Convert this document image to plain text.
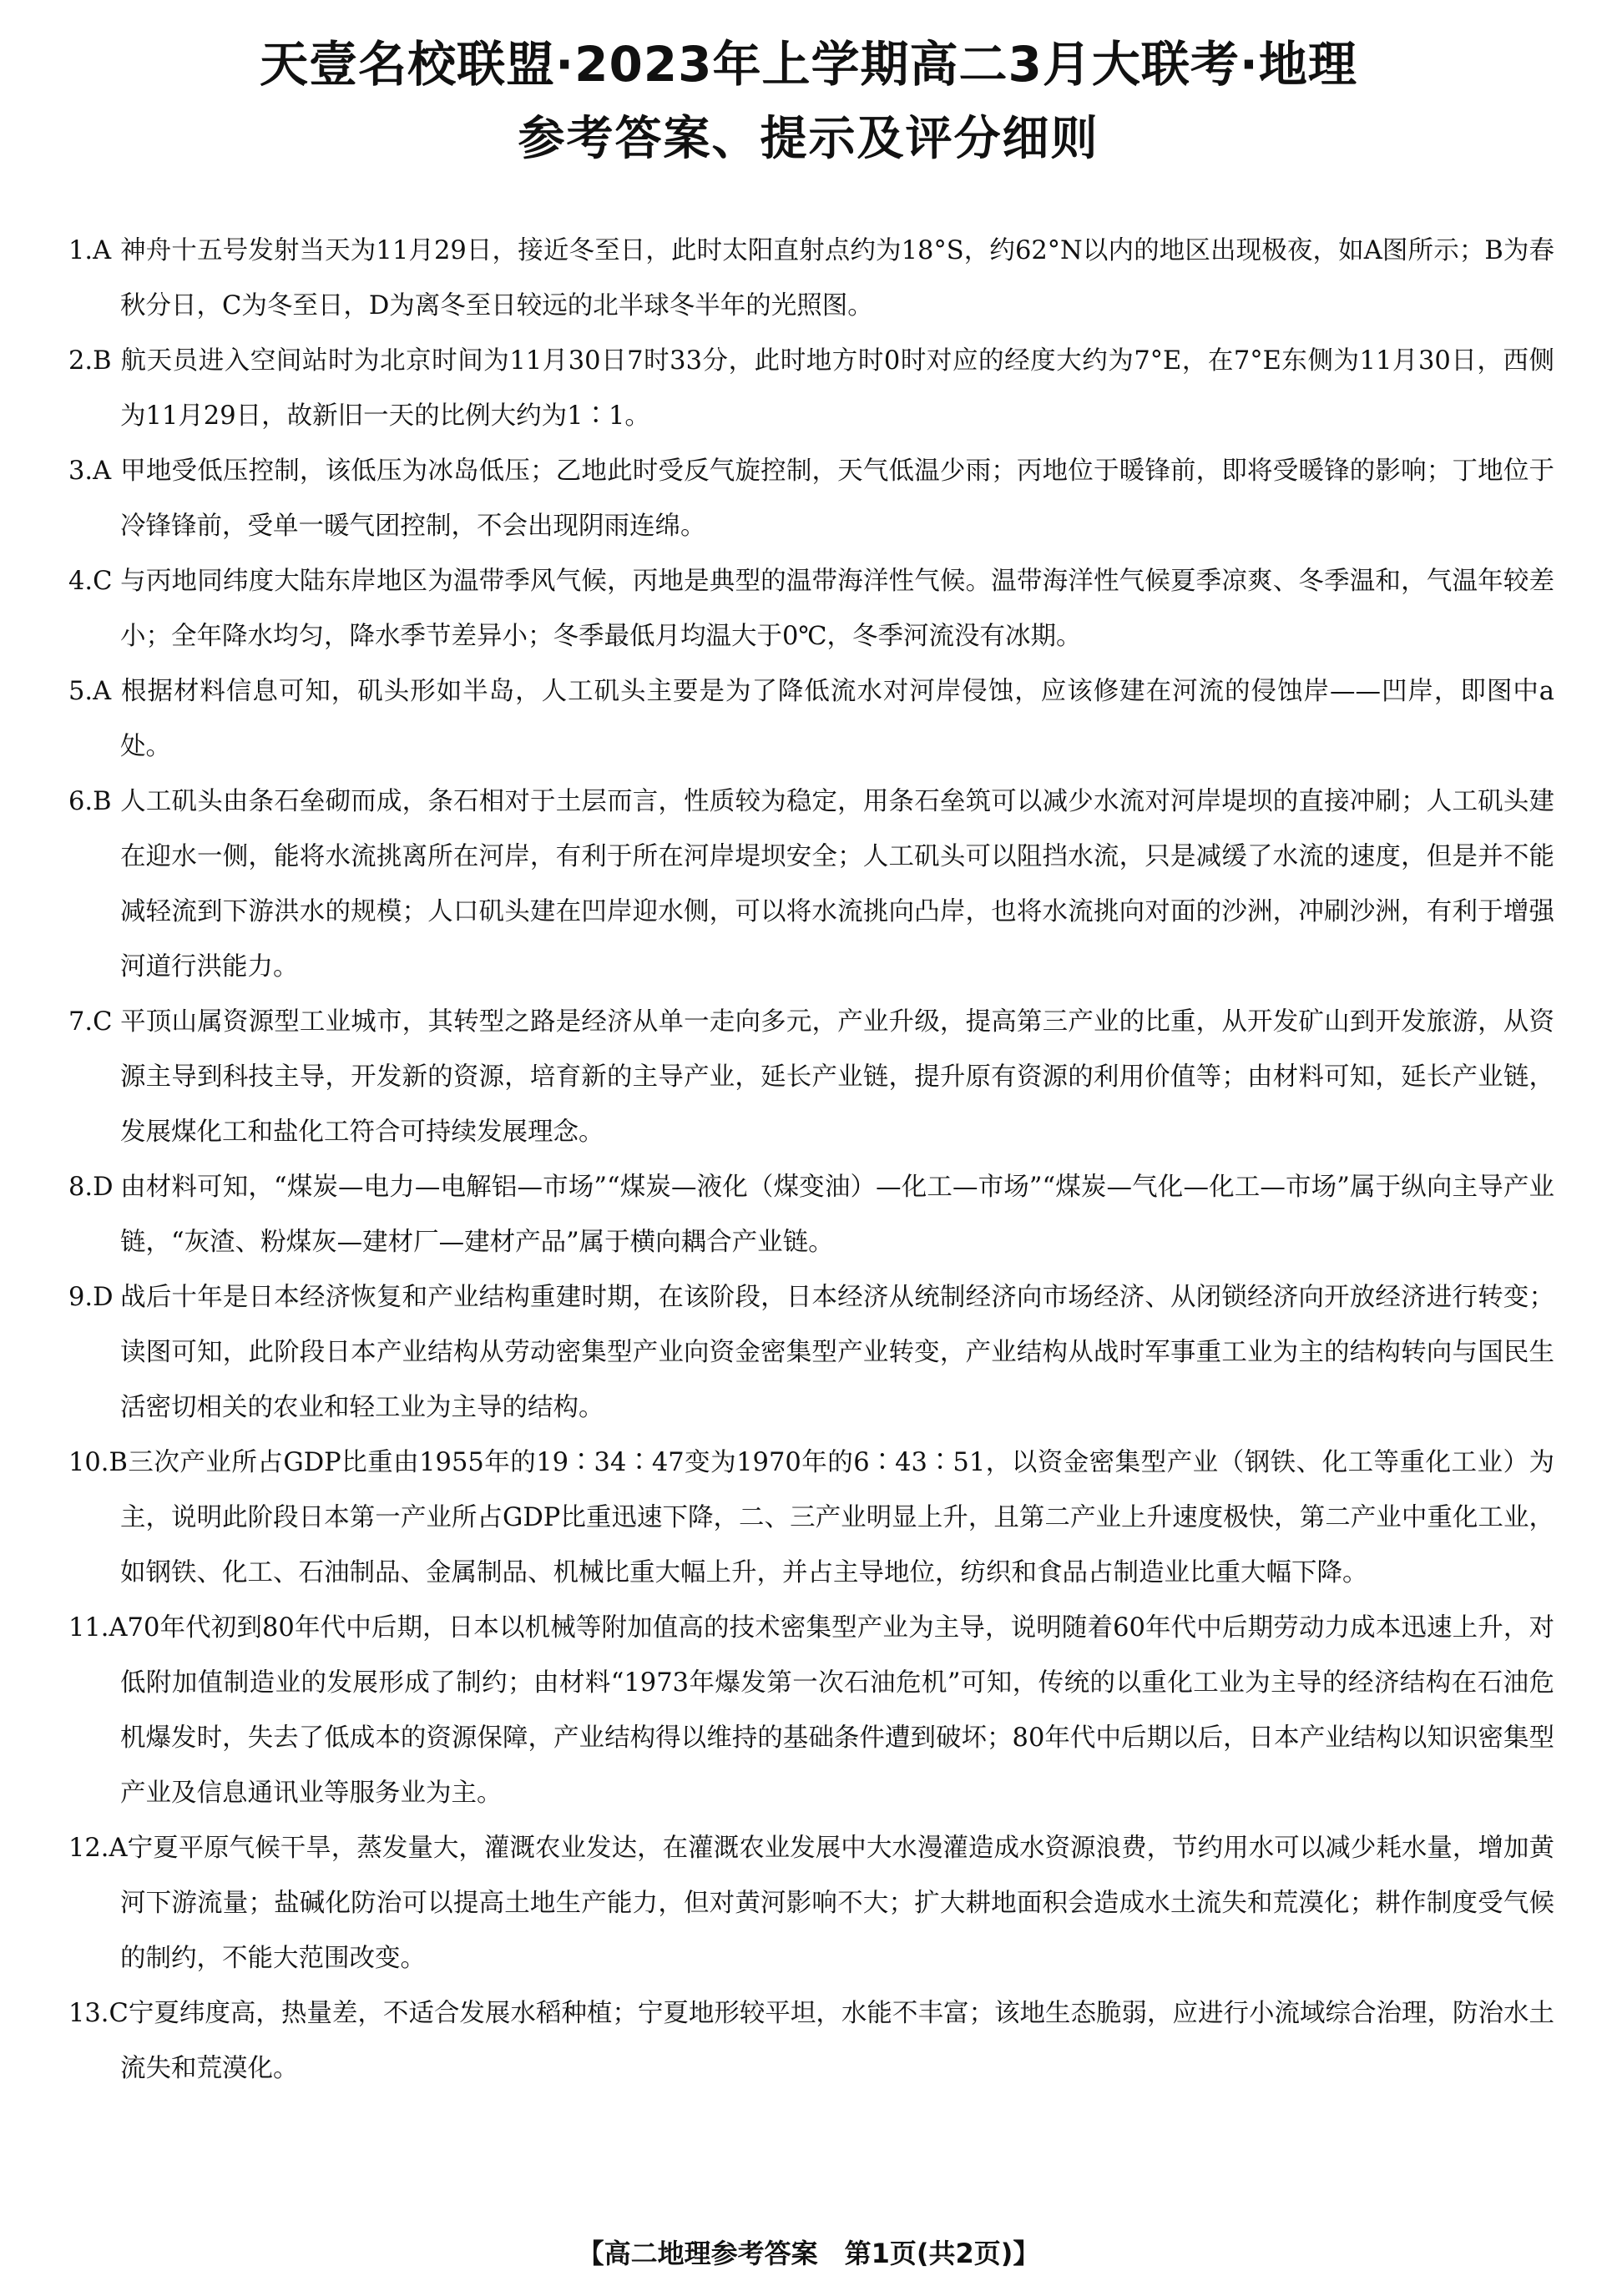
天壹名校联盟·2023年上学期高二3月大联考·地理
参考答案、提示及评分细则

1.A 神舟十五号发射当天为11月29日，接近冬至日，此时太阳直射点约为18°S，约62°N以内的地区出现极夜，如A图所示；B为春秋分日，C为冬至日，D为离冬至日较远的北半球冬半年的光照图。

2.B 航天员进入空间站时为北京时间为11月30日7时33分，此时地方时0时对应的经度大约为7°E，在7°E东侧为11月30日，西侧为11月29日，故新旧一天的比例大约为1∶1。

3.A 甲地受低压控制，该低压为冰岛低压；乙地此时受反气旋控制，天气低温少雨；丙地位于暖锋前，即将受暖锋的影响；丁地位于冷锋锋前，受单一暖气团控制，不会出现阴雨连绵。

4.C 与丙地同纬度大陆东岸地区为温带季风气候，丙地是典型的温带海洋性气候。温带海洋性气候夏季凉爽、冬季温和，气温年较差小；全年降水均匀，降水季节差异小；冬季最低月均温大于0℃，冬季河流没有冰期。

5.A 根据材料信息可知，矶头形如半岛，人工矶头主要是为了降低流水对河岸侵蚀，应该修建在河流的侵蚀岸——凹岸，即图中a处。

6.B 人工矶头由条石垒砌而成，条石相对于土层而言，性质较为稳定，用条石垒筑可以减少水流对河岸堤坝的直接冲刷；人工矶头建在迎水一侧，能将水流挑离所在河岸，有利于所在河岸堤坝安全；人工矶头可以阻挡水流，只是减缓了水流的速度，但是并不能减轻流到下游洪水的规模；人口矶头建在凹岸迎水侧，可以将水流挑向凸岸，也将水流挑向对面的沙洲，冲刷沙洲，有利于增强河道行洪能力。

7.C 平顶山属资源型工业城市，其转型之路是经济从单一走向多元，产业升级，提高第三产业的比重，从开发矿山到开发旅游，从资源主导到科技主导，开发新的资源，培育新的主导产业，延长产业链，提升原有资源的利用价值等；由材料可知，延长产业链，发展煤化工和盐化工符合可持续发展理念。

8.D 由材料可知，“煤炭—电力—电解铝—市场”“煤炭—液化（煤变油）—化工—市场”“煤炭—气化—化工—市场”属于纵向主导产业链，“灰渣、粉煤灰—建材厂—建材产品”属于横向耦合产业链。

9.D 战后十年是日本经济恢复和产业结构重建时期，在该阶段，日本经济从统制经济向市场经济、从闭锁经济向开放经济进行转变；读图可知，此阶段日本产业结构从劳动密集型产业向资金密集型产业转变，产业结构从战时军事重工业为主的结构转向与国民生活密切相关的农业和轻工业为主导的结构。

10.B三次产业所占GDP比重由1955年的19∶34∶47变为1970年的6∶43∶51，以资金密集型产业（钢铁、化工等重化工业）为主，说明此阶段日本第一产业所占GDP比重迅速下降，二、三产业明显上升，且第二产业上升速度极快，第二产业中重化工业，如钢铁、化工、石油制品、金属制品、机械比重大幅上升，并占主导地位，纺织和食品占制造业比重大幅下降。

11.A70年代初到80年代中后期，日本以机械等附加值高的技术密集型产业为主导，说明随着60年代中后期劳动力成本迅速上升，对低附加值制造业的发展形成了制约；由材料“1973年爆发第一次石油危机”可知，传统的以重化工业为主导的经济结构在石油危机爆发时，失去了低成本的资源保障，产业结构得以维持的基础条件遭到破坏；80年代中后期以后，日本产业结构以知识密集型产业及信息通讯业等服务业为主。

12.A宁夏平原气候干旱，蒸发量大，灌溉农业发达，在灌溉农业发展中大水漫灌造成水资源浪费，节约用水可以减少耗水量，增加黄河下游流量；盐碱化防治可以提高土地生产能力，但对黄河影响不大；扩大耕地面积会造成水土流失和荒漠化；耕作制度受气候的制约，不能大范围改变。

13.C宁夏纬度高，热量差，不适合发展水稻种植；宁夏地形较平坦，水能不丰富；该地生态脆弱，应进行小流域综合治理，防治水土流失和荒漠化。

【高二地理参考答案　第1页(共2页)】
